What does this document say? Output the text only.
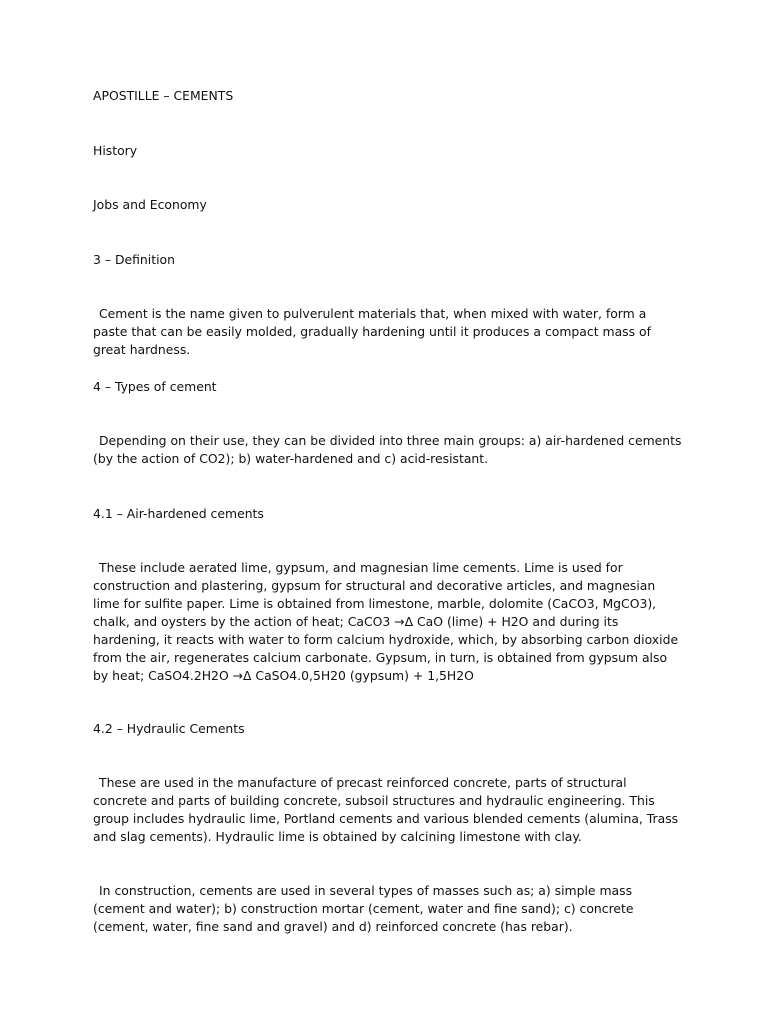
APOSTILLE – CEMENTS

History

Jobs and Economy

3 – Definition

Cement is the name given to pulverulent materials that, when mixed with water, form a paste that can be easily molded, gradually hardening until it produces a compact mass of great hardness.

4 – Types of cement

Depending on their use, they can be divided into three main groups: a) air-hardened cements (by the action of CO2); b) water-hardened and c) acid-resistant.

4.1 – Air-hardened cements

These include aerated lime, gypsum, and magnesian lime cements. Lime is used for construction and plastering, gypsum for structural and decorative articles, and magnesian lime for sulfite paper. Lime is obtained from limestone, marble, dolomite (CaCO3, MgCO3), chalk, and oysters by the action of heat; CaCO3 →Δ CaO (lime) + H2O and during its hardening, it reacts with water to form calcium hydroxide, which, by absorbing carbon dioxide from the air, regenerates calcium carbonate. Gypsum, in turn, is obtained from gypsum also by heat; CaSO4.2H2O →Δ CaSO4.0,5H20 (gypsum) + 1,5H2O

4.2 – Hydraulic Cements

These are used in the manufacture of precast reinforced concrete, parts of structural concrete and parts of building concrete, subsoil structures and hydraulic engineering. This group includes hydraulic lime, Portland cements and various blended cements (alumina, Trass and slag cements). Hydraulic lime is obtained by calcining limestone with clay.

In construction, cements are used in several types of masses such as; a) simple mass (cement and water); b) construction mortar (cement, water and fine sand); c) concrete (cement, water, fine sand and gravel) and d) reinforced concrete (has rebar).
